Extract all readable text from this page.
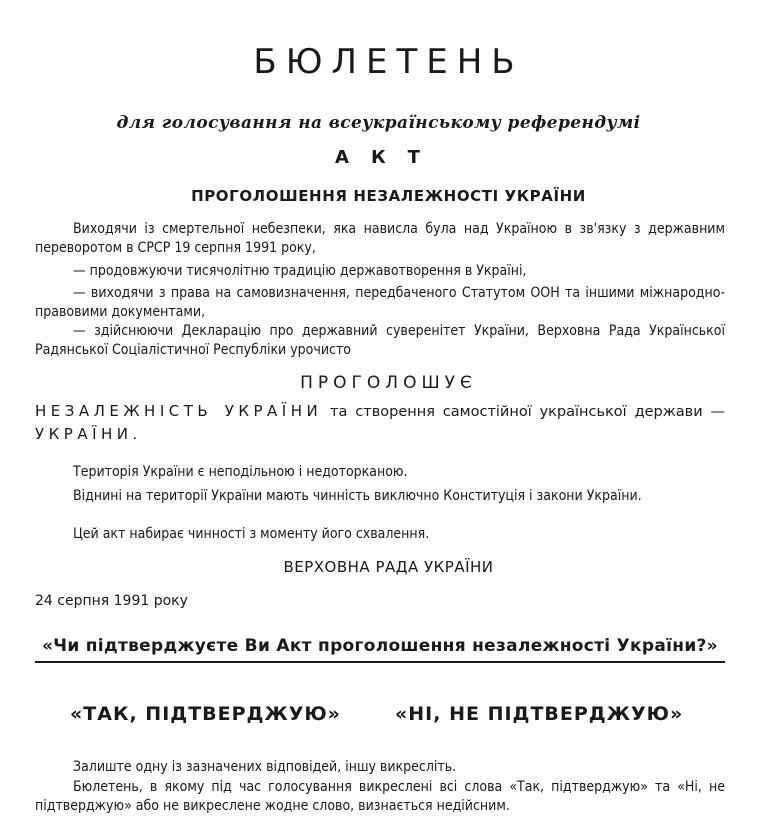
БЮЛЕТЕНЬ
для голосування на всеукраїнському референдумі
АКТ
ПРОГОЛОШЕННЯ НЕЗАЛЕЖНОСТІ УКРАЇНИ

Виходячи із смертельної небезпеки, яка нависла була над Україною в зв'язку з державним переворотом в СРСР 19 серпня 1991 року,

— продовжуючи тисячолітню традицію державотворення в Україні,

— виходячи з права на самовизначення, передбаченого Статутом ООН та іншими міжнародно-правовими документами,

— здійснюючи Декларацію про державний суверенітет України, Верховна Рада Української Радянської Соціалістичної Республіки урочисто

ПРОГОЛОШУЄ

НЕЗАЛЕЖНІСТЬ УКРАЇНИ та створення самостійної української держави — УКРАЇНИ.

Територія України є неподільною і недоторканою.

Віднині на території України мають чинність виключно Конституція і закони України.

Цей акт набирає чинності з моменту його схвалення.

ВЕРХОВНА РАДА УКРАЇНИ
24 серпня 1991 року
«Чи підтверджуєте Ви Акт проголошення незалежності України?»
«ТАК, ПІДТВЕРДЖУЮ»	«НІ, НЕ ПІДТВЕРДЖУЮ»

Залиште одну із зазначених відповідей, іншу викресліть.

Бюлетень, в якому під час голосування викреслені всі слова «Так, підтверджую» та «Ні, не підтверджую» або не викреслене жодне слово, визнається недійсним.
